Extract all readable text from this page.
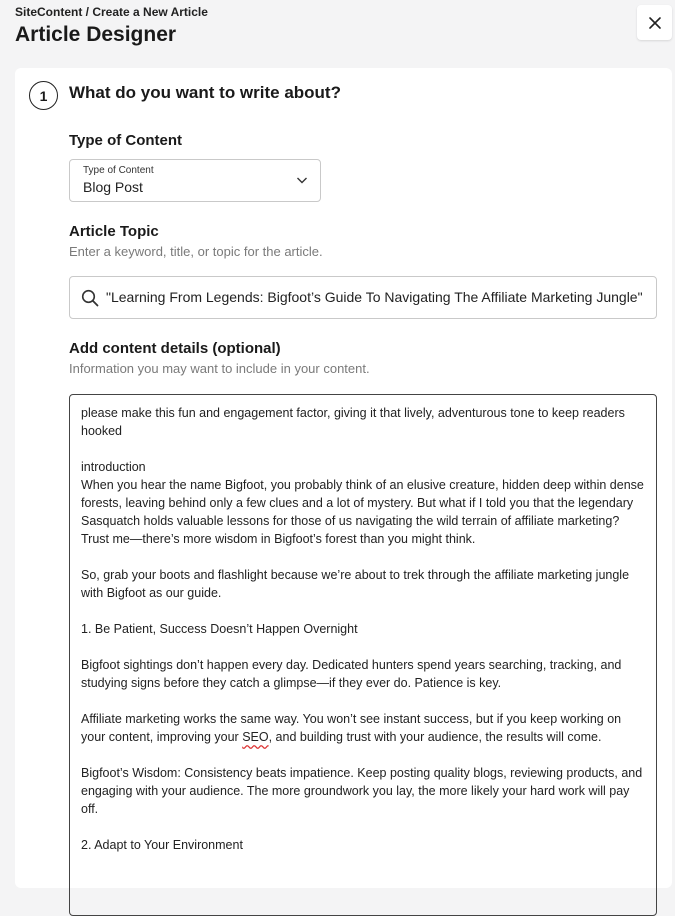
SiteContent / Create a New Article
Article Designer
1	What do you want to write about?
Type of Content
Type of Content
Blog Post
Article Topic
Enter a keyword, title, or topic for the article.
"Learning From Legends: Bigfoot’s Guide To Navigating The Affiliate Marketing Jungle"
Add content details (optional)
Information you may want to include in your content.

please make this fun and engagement factor, giving it that lively, adventurous tone to keep readers hooked

introduction

When you hear the name Bigfoot, you probably think of an elusive creature, hidden deep within dense forests, leaving behind only a few clues and a lot of mystery. But what if I told you that the legendary Sasquatch holds valuable lessons for those of us navigating the wild terrain of affiliate marketing? Trust me—there’s more wisdom in Bigfoot’s forest than you might think.

So, grab your boots and flashlight because we’re about to trek through the affiliate marketing jungle with Bigfoot as our guide.

1. Be Patient, Success Doesn’t Happen Overnight

Bigfoot sightings don’t happen every day. Dedicated hunters spend years searching, tracking, and studying signs before they catch a glimpse—if they ever do. Patience is key.

Affiliate marketing works the same way. You won’t see instant success, but if you keep working on your content, improving your SEO, and building trust with your audience, the results will come.

Bigfoot’s Wisdom: Consistency beats impatience. Keep posting quality blogs, reviewing products, and engaging with your audience. The more groundwork you lay, the more likely your hard work will pay off.

2. Adapt to Your Environment
